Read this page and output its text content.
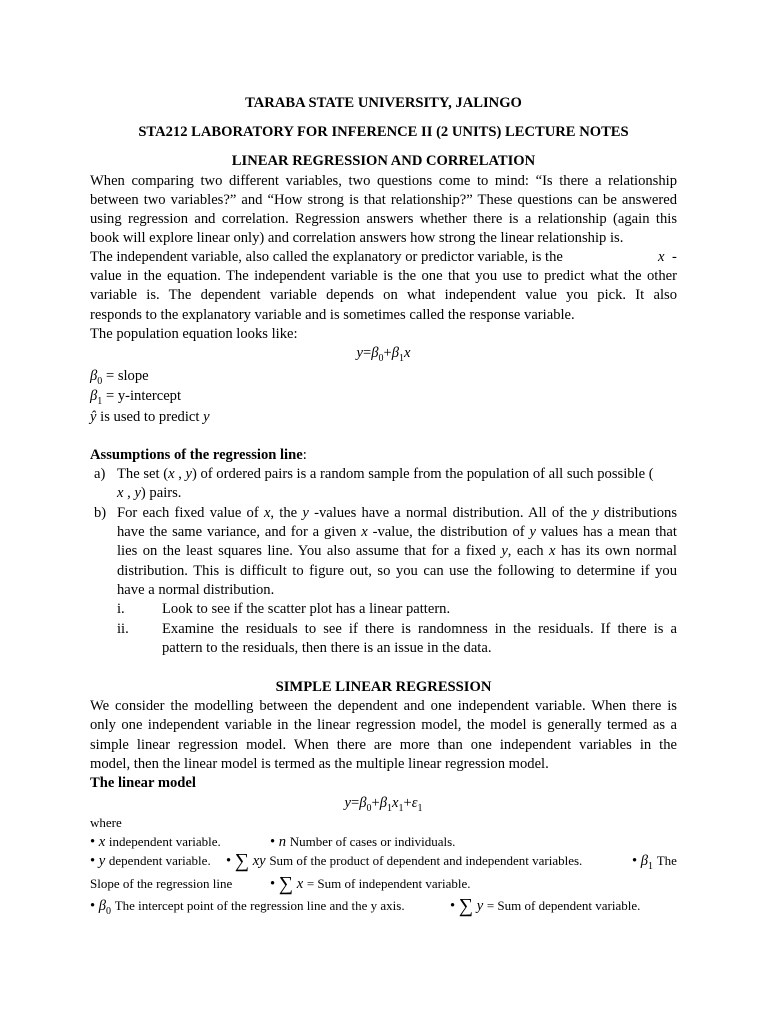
TARABA STATE UNIVERSITY, JALINGO
STA212 LABORATORY FOR INFERENCE II (2 UNITS) LECTURE NOTES
LINEAR REGRESSION AND CORRELATION
When comparing two different variables, two questions come to mind: “Is there a relationship
between two variables?” and “How strong is that relationship?” These questions can be answered
using regression and correlation. Regression answers whether there is a relationship (again this
book will explore linear only) and correlation answers how strong the linear relationship is.
The independent variable, also called the explanatory or predictor variable, is the	x -
value in the equation. The independent variable is the one that you use to predict what the other
variable is. The dependent variable depends on what independent value you pick. It also
responds to the explanatory variable and is sometimes called the response variable.
The population equation looks like:
$y=\beta_0+\beta_1x$
$\beta_0$ = slope
$\beta_1$ = y-intercept
ŷ is used to predict y
Assumptions of the regression line:
a) The set (x , y) of ordered pairs is a random sample from the population of all such possible (
x , y) pairs.
b) For each fixed value of x, the y -values have a normal distribution. All of the y distributions
have the same variance, and for a given x -value, the distribution of y values has a mean that
lies on the least squares line. You also assume that for a fixed y, each x has its own normal
distribution. This is difficult to figure out, so you can use the following to determine if you
have a normal distribution.
i.	Look to see if the scatter plot has a linear pattern.
ii. Examine the residuals to see if there is randomness in the residuals. If there is a
pattern to the residuals, then there is an issue in the data.
SIMPLE LINEAR REGRESSION
We consider the modelling between the dependent and one independent variable. When there is
only one independent variable in the linear regression model, the model is generally termed as a
simple linear regression model. When there are more than one independent variables in the
model, then the linear model is termed as the multiple linear regression model.
The linear model
$y=\beta_0+\beta_1x_1+\varepsilon_1$
where
• x independent variable.	• n Number of cases or individuals.
• y dependent variable. • ∑ xy Sum of the product of dependent and independent variables.	• $\beta_1$ The
Slope of the regression line	• ∑ x = Sum of independent variable.
• $\beta_0$ The intercept point of the regression line and the y axis.	• ∑ y = Sum of dependent variable.
